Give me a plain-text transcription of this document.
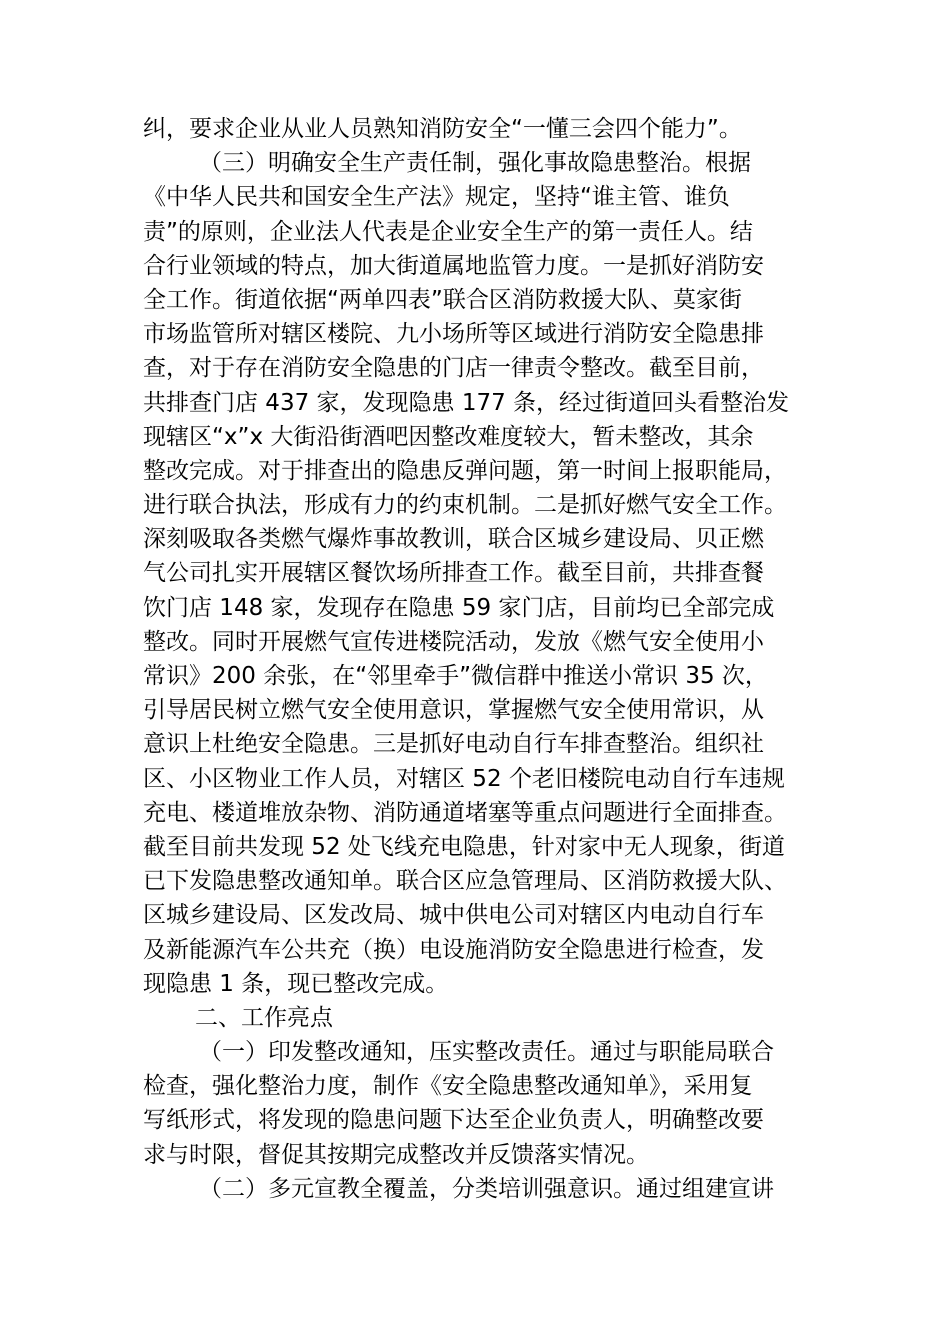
纠，要求企业从业人员熟知消防安全“一懂三会四个能力”。
（三）明确安全生产责任制，强化事故隐患整治。根据
《中华人民共和国安全生产法》规定，坚持“谁主管、谁负
责”的原则，企业法人代表是企业安全生产的第一责任人。结
合行业领域的特点，加大街道属地监管力度。一是抓好消防安
全工作。街道依据“两单四表”联合区消防救援大队、莫家街
市场监管所对辖区楼院、九小场所等区域进行消防安全隐患排
查，对于存在消防安全隐患的门店一律责令整改。截至目前，
共排查门店 437 家，发现隐患 177 条，经过街道回头看整治发
现辖区“x”x 大街沿街酒吧因整改难度较大，暂未整改，其余
整改完成。对于排查出的隐患反弹问题，第一时间上报职能局，
进行联合执法，形成有力的约束机制。二是抓好燃气安全工作。
深刻吸取各类燃气爆炸事故教训，联合区城乡建设局、贝正燃
气公司扎实开展辖区餐饮场所排查工作。截至目前，共排查餐
饮门店 148 家，发现存在隐患 59 家门店，目前均已全部完成
整改。同时开展燃气宣传进楼院活动，发放《燃气安全使用小
常识》200 余张，在“邻里牵手”微信群中推送小常识 35 次，
引导居民树立燃气安全使用意识，掌握燃气安全使用常识，从
意识上杜绝安全隐患。三是抓好电动自行车排查整治。组织社
区、小区物业工作人员，对辖区 52 个老旧楼院电动自行车违规
充电、楼道堆放杂物、消防通道堵塞等重点问题进行全面排查。
截至目前共发现 52 处飞线充电隐患，针对家中无人现象，街道
已下发隐患整改通知单。联合区应急管理局、区消防救援大队、
区城乡建设局、区发改局、城中供电公司对辖区内电动自行车
及新能源汽车公共充（换）电设施消防安全隐患进行检查，发
现隐患 1 条，现已整改完成。
二、工作亮点
（一）印发整改通知，压实整改责任。通过与职能局联合
检查，强化整治力度，制作《安全隐患整改通知单》，采用复
写纸形式，将发现的隐患问题下达至企业负责人，明确整改要
求与时限，督促其按期完成整改并反馈落实情况。
（二）多元宣教全覆盖，分类培训强意识。通过组建宣讲
